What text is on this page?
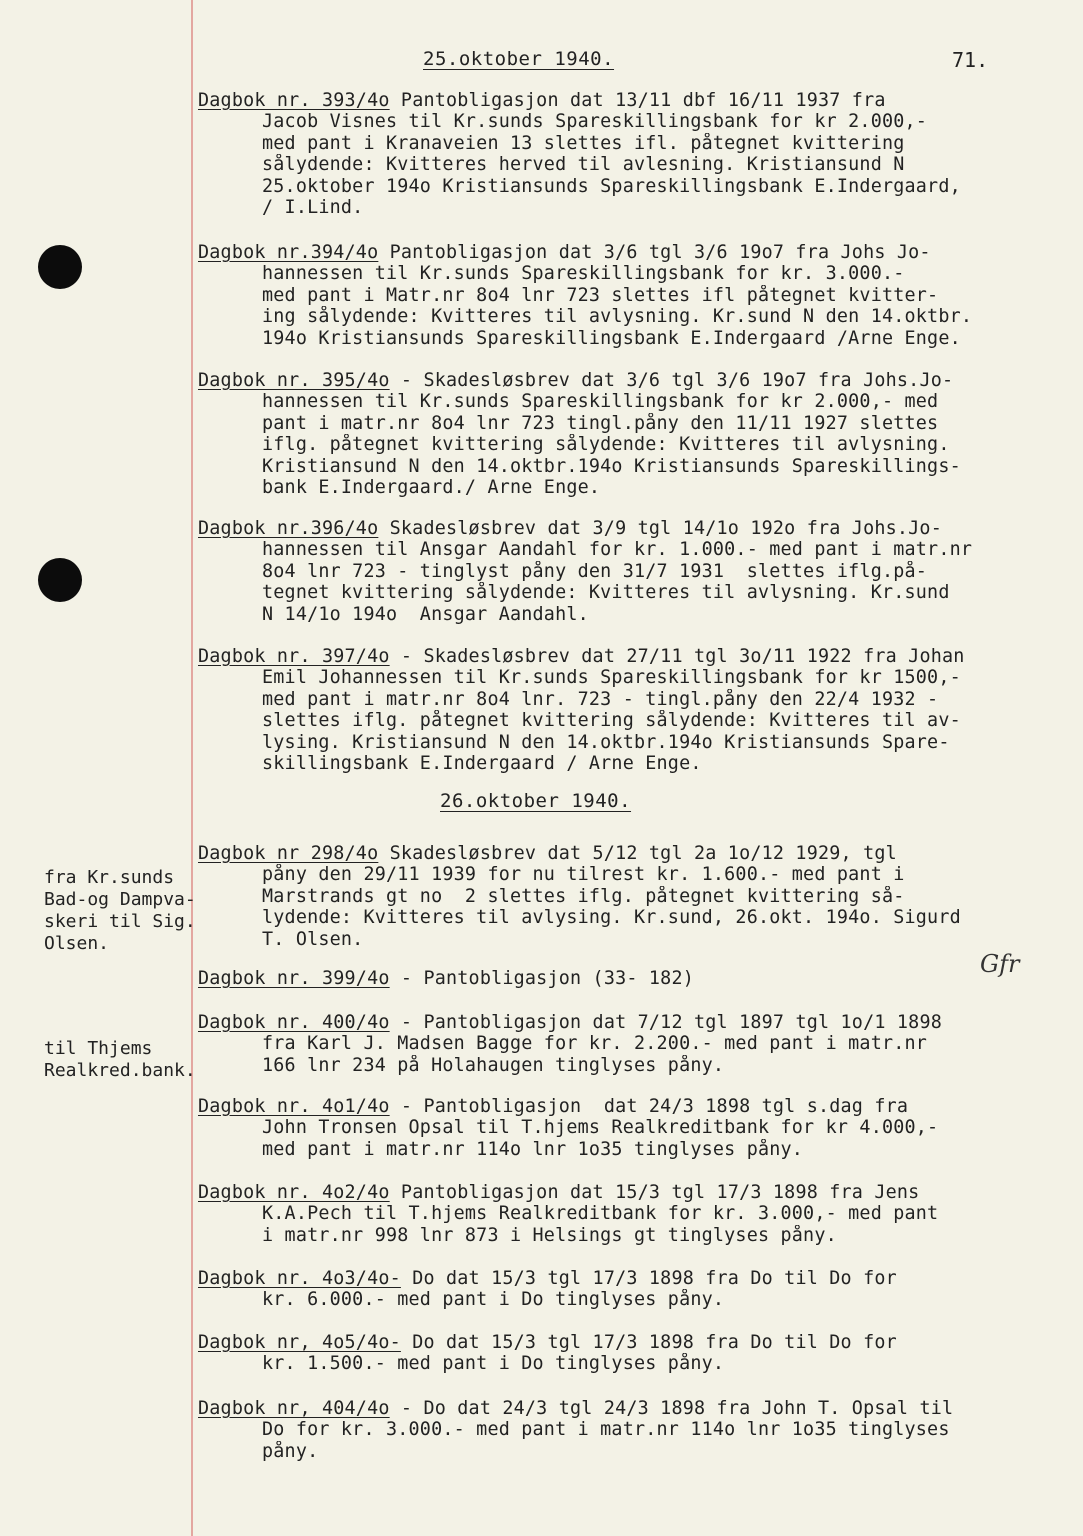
25.oktober 1940.	71.
26.oktober 1940.
fra Kr.sunds
Bad-og Dampva-
skeri til Sig.
Olsen.
til Thjems
Realkred.bank.
Gfr
Dagbok nr. 393/4o Pantobligasjon dat 13/11 dbf 16/11 1937 fra
Jacob Visnes til Kr.sunds Spareskillingsbank for kr 2.000,-
med pant i Kranaveien 13 slettes ifl. påtegnet kvittering
sålydende: Kvitteres herved til avlesning. Kristiansund N
25.oktober 194o Kristiansunds Spareskillingsbank E.Indergaard,
/ I.Lind.
Dagbok nr.394/4o Pantobligasjon dat 3/6 tgl 3/6 19o7 fra Johs Jo-
hannessen til Kr.sunds Spareskillingsbank for kr. 3.000.-
med pant i Matr.nr 8o4 lnr 723 slettes ifl påtegnet kvitter-
ing sålydende: Kvitteres til avlysning. Kr.sund N den 14.oktbr.
194o Kristiansunds Spareskillingsbank E.Indergaard /Arne Enge.
Dagbok nr. 395/4o - Skadesløsbrev dat 3/6 tgl 3/6 19o7 fra Johs.Jo-
hannessen til Kr.sunds Spareskillingsbank for kr 2.000,- med
pant i matr.nr 8o4 lnr 723 tingl.påny den 11/11 1927 slettes
iflg. påtegnet kvittering sålydende: Kvitteres til avlysning.
Kristiansund N den 14.oktbr.194o Kristiansunds Spareskillings-
bank E.Indergaard./ Arne Enge.
Dagbok nr.396/4o Skadesløsbrev dat 3/9 tgl 14/1o 192o fra Johs.Jo-
hannessen til Ansgar Aandahl for kr. 1.000.- med pant i matr.nr
8o4 lnr 723 - tinglyst påny den 31/7 1931  slettes iflg.på-
tegnet kvittering sålydende: Kvitteres til avlysning. Kr.sund
N 14/1o 194o  Ansgar Aandahl.
Dagbok nr. 397/4o - Skadesløsbrev dat 27/11 tgl 3o/11 1922 fra Johan
Emil Johannessen til Kr.sunds Spareskillingsbank for kr 1500,-
med pant i matr.nr 8o4 lnr. 723 - tingl.påny den 22/4 1932 -
slettes iflg. påtegnet kvittering sålydende: Kvitteres til av-
lysing. Kristiansund N den 14.oktbr.194o Kristiansunds Spare-
skillingsbank E.Indergaard / Arne Enge.
Dagbok nr 298/4o Skadesløsbrev dat 5/12 tgl 2a 1o/12 1929, tgl
påny den 29/11 1939 for nu tilrest kr. 1.600.- med pant i
Marstrands gt no  2 slettes iflg. påtegnet kvittering så-
lydende: Kvitteres til avlysing. Kr.sund, 26.okt. 194o. Sigurd
T. Olsen.
Dagbok nr. 399/4o - Pantobligasjon (33- 182)
Dagbok nr. 400/4o - Pantobligasjon dat 7/12 tgl 1897 tgl 1o/1 1898
fra Karl J. Madsen Bagge for kr. 2.200.- med pant i matr.nr
166 lnr 234 på Holahaugen tinglyses påny.
Dagbok nr. 4o1/4o - Pantobligasjon  dat 24/3 1898 tgl s.dag fra
John Tronsen Opsal til T.hjems Realkreditbank for kr 4.000,-
med pant i matr.nr 114o lnr 1o35 tinglyses påny.
Dagbok nr. 4o2/4o Pantobligasjon dat 15/3 tgl 17/3 1898 fra Jens
K.A.Pech til T.hjems Realkreditbank for kr. 3.000,- med pant
i matr.nr 998 lnr 873 i Helsings gt tinglyses påny.
Dagbok nr. 4o3/4o- Do dat 15/3 tgl 17/3 1898 fra Do til Do for
kr. 6.000.- med pant i Do tinglyses påny.
Dagbok nr, 4o5/4o- Do dat 15/3 tgl 17/3 1898 fra Do til Do for
kr. 1.500.- med pant i Do tinglyses påny.
Dagbok nr, 404/4o - Do dat 24/3 tgl 24/3 1898 fra John T. Opsal til
Do for kr. 3.000.- med pant i matr.nr 114o lnr 1o35 tinglyses
påny.
